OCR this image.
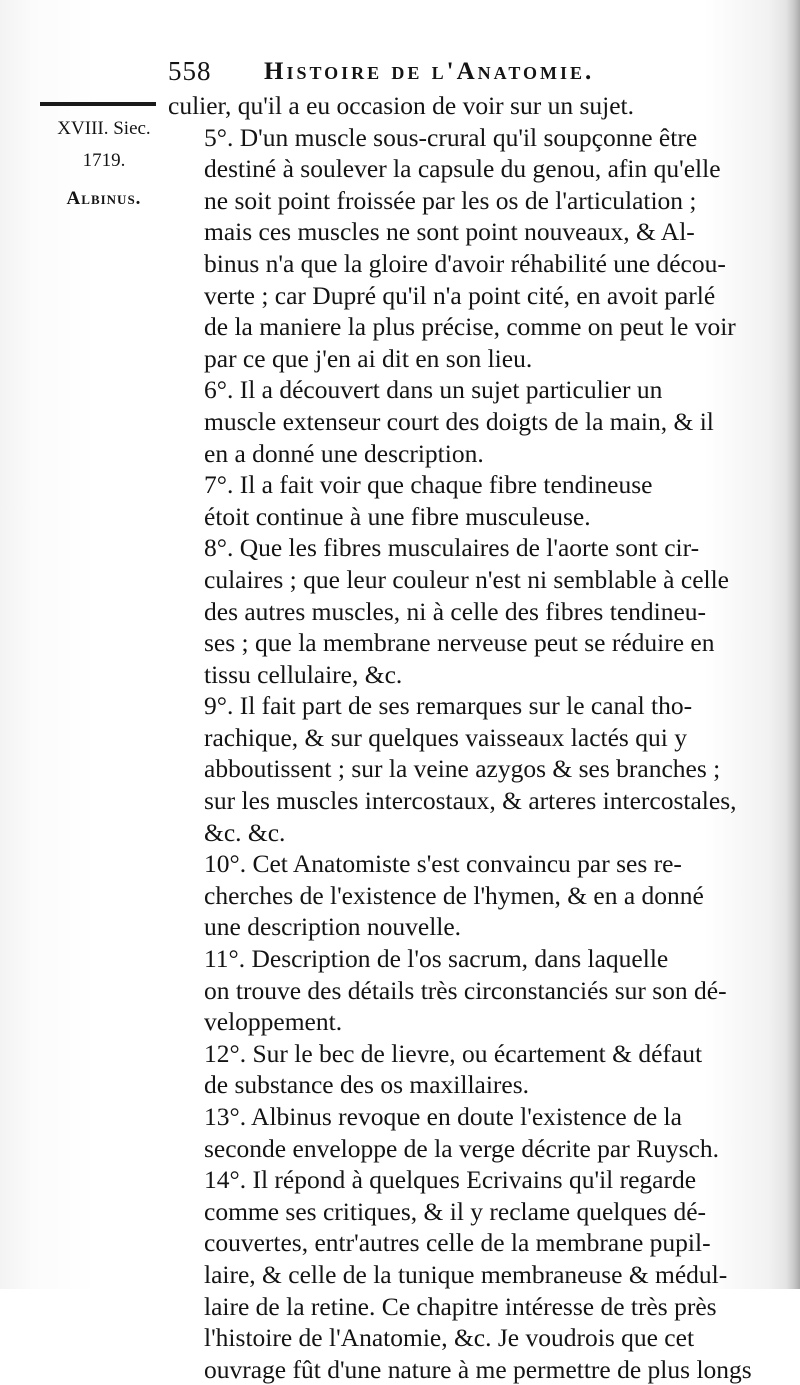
558 Histoire de l'Anatomie.
XVIII. Siec.
1719.
Albinus.

culier, qu'il a eu occasion de voir sur un sujet.

5°. D'un muscle sous-crural qu'il soupçonne être
destiné à soulever la capsule du genou, afin qu'elle
ne soit point froissée par les os de l'articulation ;
mais ces muscles ne sont point nouveaux, & Al-
binus n'a que la gloire d'avoir réhabilité une décou-
verte ; car Dupré qu'il n'a point cité, en avoit parlé
de la maniere la plus précise, comme on peut le voir
par ce que j'en ai dit en son lieu.

6°. Il a découvert dans un sujet particulier un
muscle extenseur court des doigts de la main, & il
en a donné une description.

7°. Il a fait voir que chaque fibre tendineuse
étoit continue à une fibre musculeuse.

8°. Que les fibres musculaires de l'aorte sont cir-
culaires ; que leur couleur n'est ni semblable à celle
des autres muscles, ni à celle des fibres tendineu-
ses ; que la membrane nerveuse peut se réduire en
tissu cellulaire, &c.

9°. Il fait part de ses remarques sur le canal tho-
rachique, & sur quelques vaisseaux lactés qui y
abboutissent ; sur la veine azygos & ses branches ;
sur les muscles intercostaux, & arteres intercostales,
&c. &c.

10°. Cet Anatomiste s'est convaincu par ses re-
cherches de l'existence de l'hymen, & en a donné
une description nouvelle.

11°. Description de l'os sacrum, dans laquelle
on trouve des détails très circonstanciés sur son dé-
veloppement.

12°. Sur le bec de lievre, ou écartement & défaut
de substance des os maxillaires.

13°. Albinus revoque en doute l'existence de la
seconde enveloppe de la verge décrite par Ruysch.

14°. Il répond à quelques Ecrivains qu'il regarde
comme ses critiques, & il y reclame quelques dé-
couvertes, entr'autres celle de la membrane pupil-
laire, & celle de la tunique membraneuse & médul-
laire de la retine. Ce chapitre intéresse de très près
l'histoire de l'Anatomie, &c. Je voudrois que cet
ouvrage fût d'une nature à me permettre de plus longs
